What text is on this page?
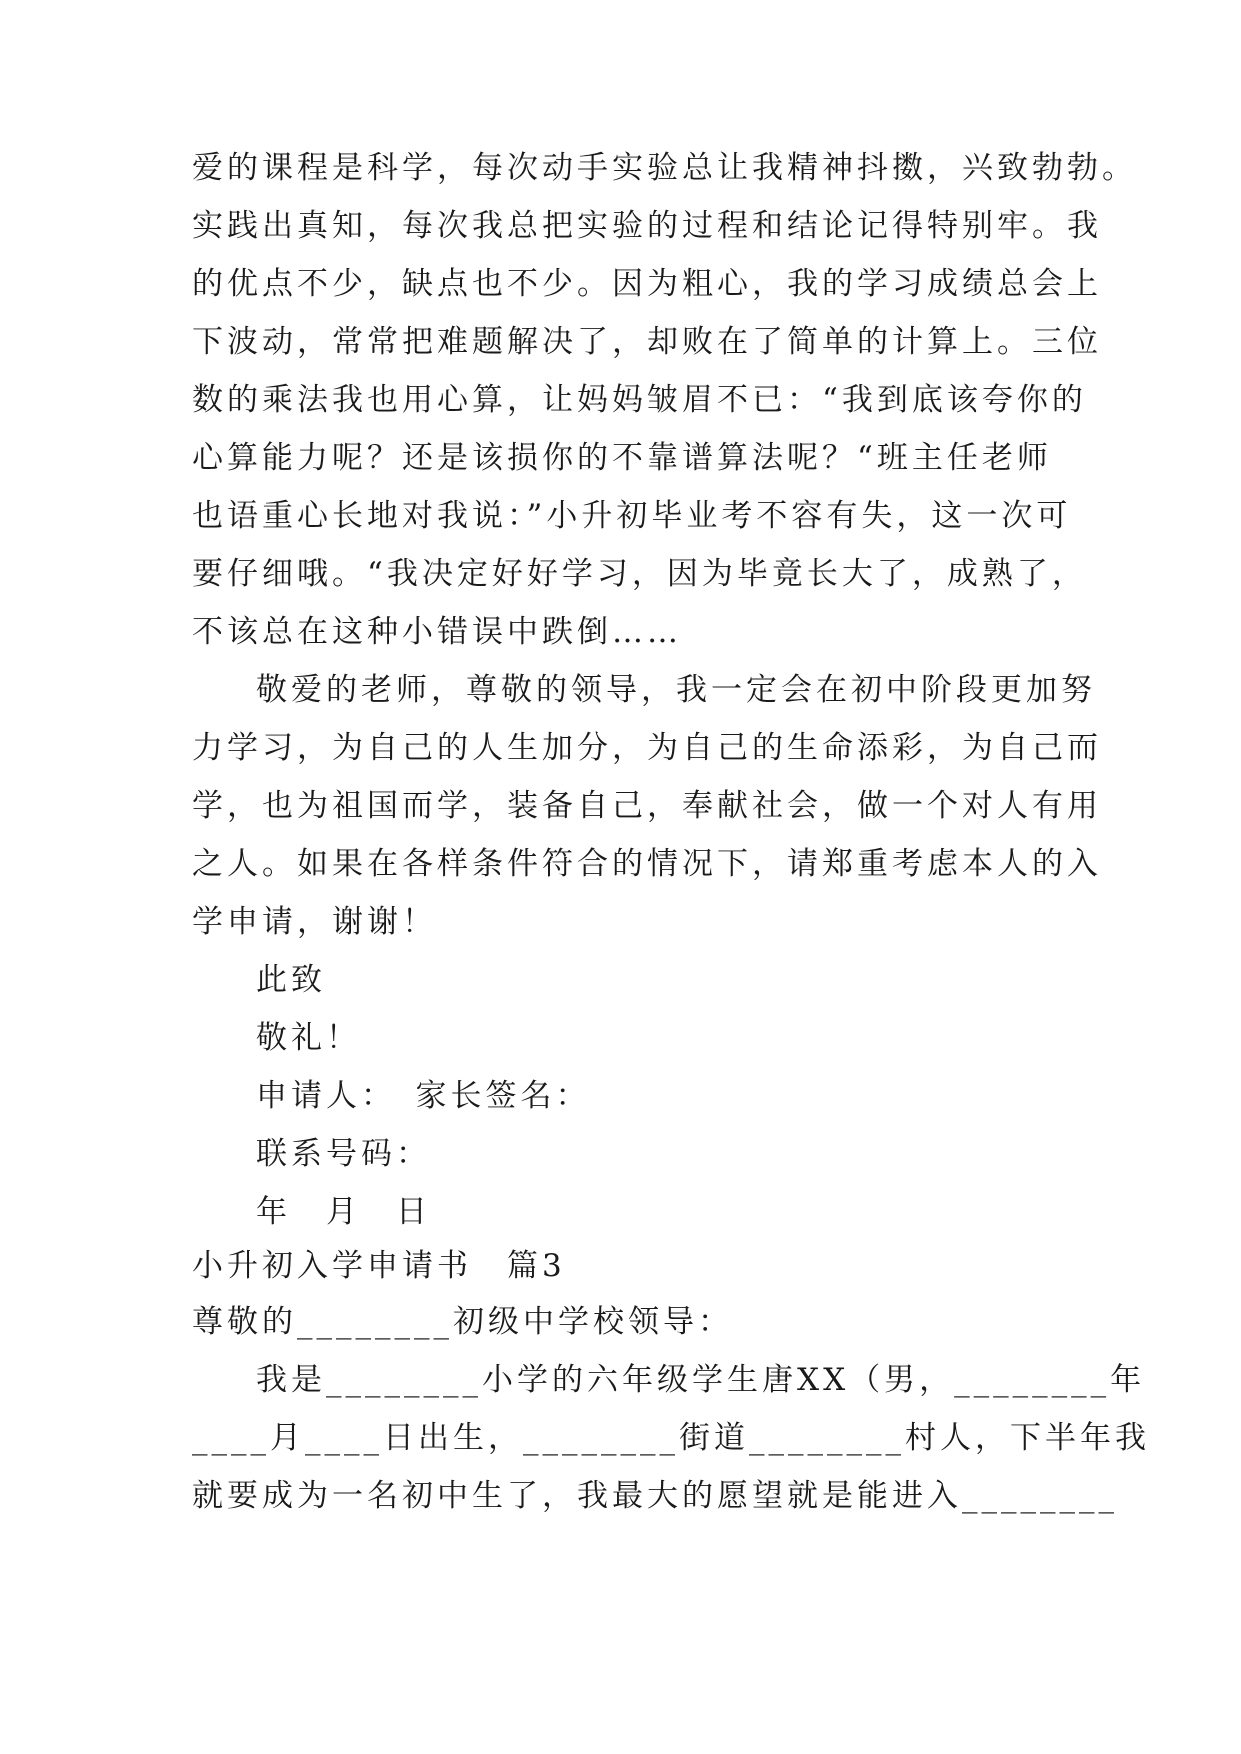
爱的课程是科学，每次动手实验总让我精神抖擞，兴致勃勃。
实践出真知，每次我总把实验的过程和结论记得特别牢。我
的优点不少，缺点也不少。因为粗心，我的学习成绩总会上
下波动，常常把难题解决了，却败在了简单的计算上。三位
数的乘法我也用心算，让妈妈皱眉不已：“我到底该夸你的
心算能力呢？还是该损你的不靠谱算法呢？“班主任老师
也语重心长地对我说：”小升初毕业考不容有失，这一次可
要仔细哦。“我决定好好学习，因为毕竟长大了，成熟了，
不该总在这种小错误中跌倒……
敬爱的老师，尊敬的领导，我一定会在初中阶段更加努
力学习，为自己的人生加分，为自己的生命添彩，为自己而
学，也为祖国而学，装备自己，奉献社会，做一个对人有用
之人。如果在各样条件符合的情况下，请郑重考虑本人的入
学申请，谢谢！
此致
敬礼！
申请人：　家长签名：
联系号码：
年　月　日
小升初入学申请书　篇3
尊敬的________初级中学校领导：
我是________小学的六年级学生唐XX（男，________年
____月____日出生，________街道________村人，下半年我
就要成为一名初中生了，我最大的愿望就是能进入________
